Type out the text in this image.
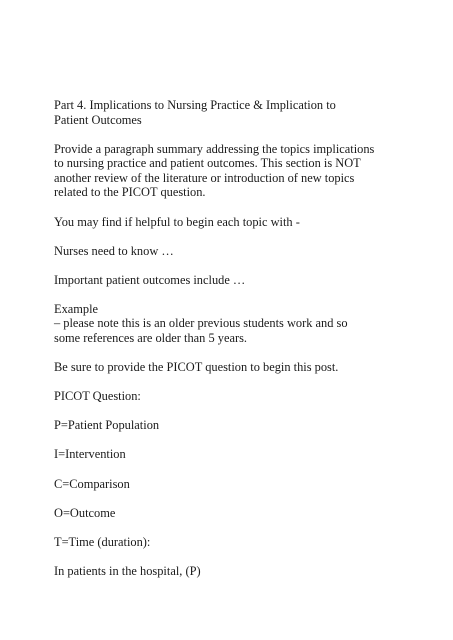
Part 4. Implications to Nursing Practice & Implication to
Patient Outcomes

Provide a paragraph summary addressing the topics implications
to nursing practice and patient outcomes. This section is NOT
another review of the literature or introduction of new topics
related to the PICOT question.

You may find if helpful to begin each topic with -

Nurses need to know …

Important patient outcomes include …

Example
– please note this is an older previous students work and so
some references are older than 5 years.

Be sure to provide the PICOT question to begin this post.

PICOT Question:

P=Patient Population

I=Intervention

C=Comparison

O=Outcome

T=Time (duration):

In patients in the hospital, (P)
